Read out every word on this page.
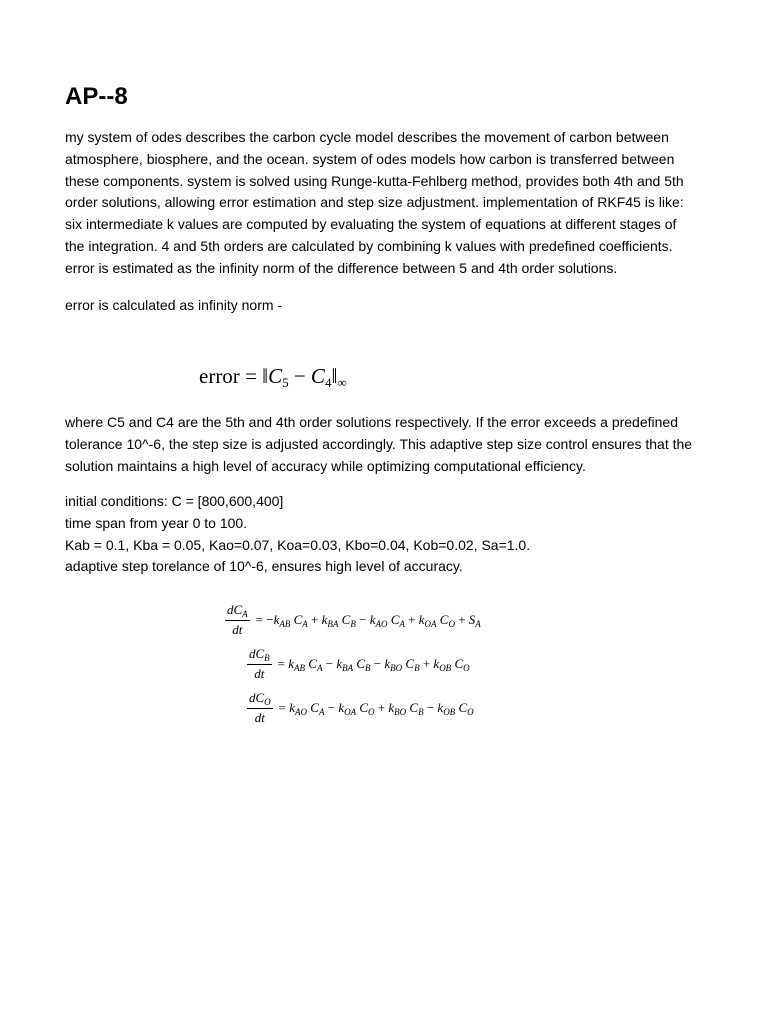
AP--8

my system of odes describes the carbon cycle model describes the movement of carbon between
atmosphere, biosphere, and the ocean. system of odes models how carbon is transferred between
these components. system is solved using Runge-kutta-Fehlberg method, provides both 4th and 5th
order solutions, allowing error estimation and step size adjustment. implementation of RKF45 is like:
six intermediate k values are computed by evaluating the system of equations at different stages of
the integration. 4 and 5th orders are calculated by combining k values with predefined coefficients.
error is estimated as the infinity norm of the difference between 5 and 4th order solutions.

error is calculated as infinity norm -

error = $‖C_5$ − $C_4‖_\infty$

where C5 and C4 are the 5th and 4th order solutions respectively. If the error exceeds a predefined
tolerance 10^-6, the step size is adjusted accordingly. This adaptive step size control ensures that the
solution maintains a high level of accuracy while optimizing computational efficiency.

initial conditions: C = [800,600,400]
time span from year 0 to 100.
Kab = 0.1, Kba = 0.05, Kao=0.07, Koa=0.03, Kbo=0.04, Kob=0.02, Sa=1.0.
adaptive step torelance of 10^-6, ensures high level of accuracy.

$\frac{dC_A}{dt} = -k_{AB}$ $C_A + k_{BA}$ $C_B - k_{AO}$ $C_A + k_{OA}$ $C_O + S_A$
$\frac{dC_B}{dt} = k_{AB}$ $C_A - k_{BA}$ $C_B - k_{BO}$ $C_B + k_{OB}$ $C_O$
$\frac{dC_O}{dt} = k_{AO}$ $C_A - k_{OA}$ $C_O + k_{BO}$ $C_B - k_{OB}$ $C_O$
